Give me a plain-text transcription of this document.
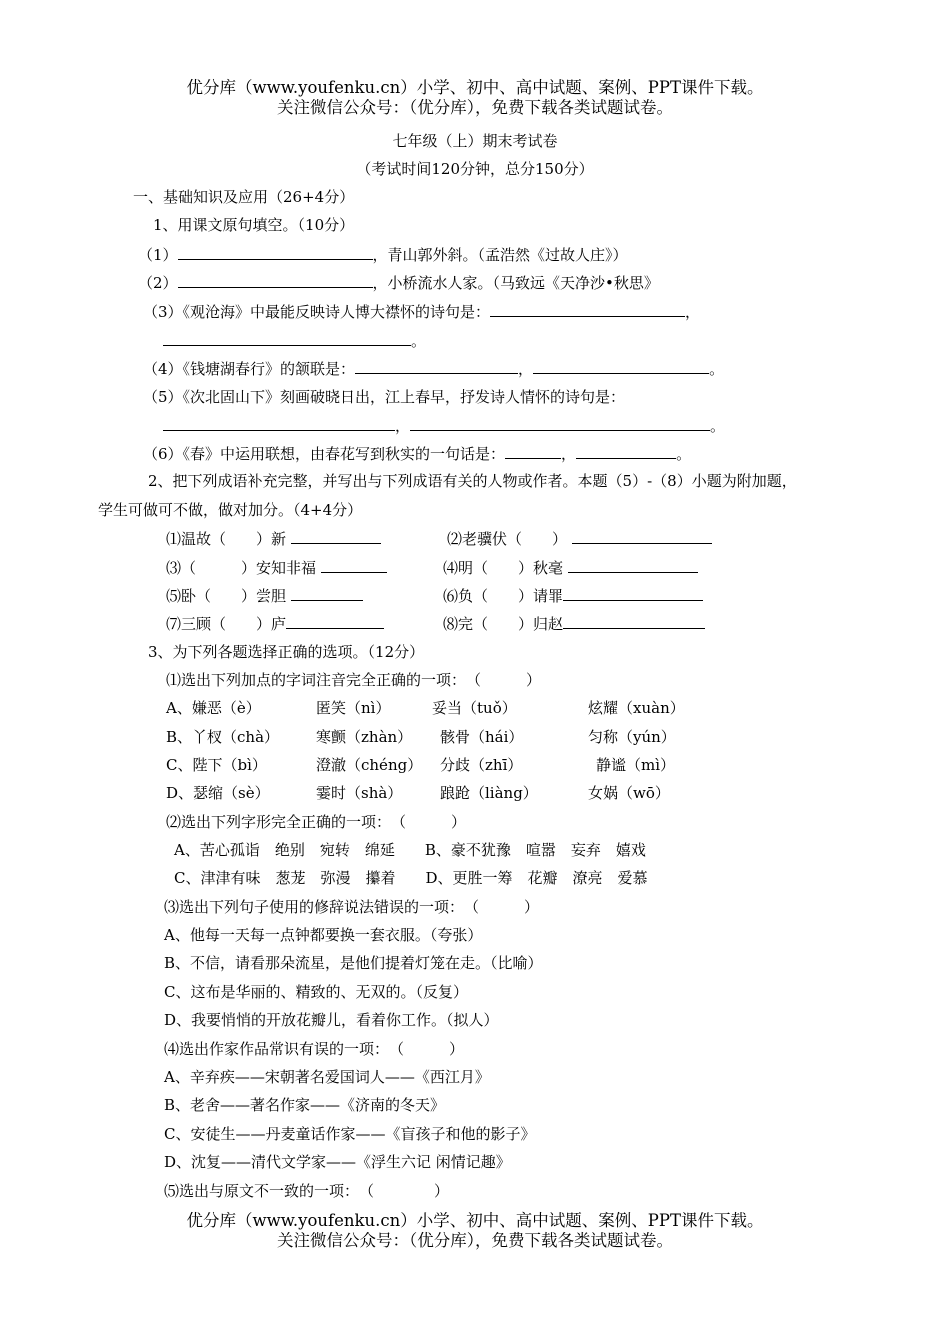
优分库（www.youfenku.cn）小学、初中、高中试题、案例、PPT课件下载。
关注微信公众号：（优分库），免费下载各类试题试卷。
七年级（上）期末考试卷
（考试时间120分钟，总分150分）
一、基础知识及应用（26+4分）
1、用课文原句填空。（10分）
（1）	，青山郭外斜。（孟浩然《过故人庄》）
（2）	，小桥流水人家。（马致远《天净沙•秋思》
（3）《观沧海》中最能反映诗人博大襟怀的诗句是：	，
。
（4）《钱塘湖春行》的颔联是：	，	。
（5）《次北固山下》刻画破晓日出，江上春早，抒发诗人情怀的诗句是：
，	。
（6）《春》中运用联想，由春花写到秋实的一句话是：	，	。
2、把下列成语补充完整，并写出与下列成语有关的人物或作者。本题（5）-（8）小题为附加题，
学生可做可不做，做对加分。（4+4分）
⑴温故（　　）新	⑵老骥伏（　　）
⑶（　　　）安知非福	⑷明（　　）秋毫
⑸卧（　　）尝胆	⑹负（　　）请罪
⑺三顾（　　）庐	⑻完（　　）归赵
3、为下列各题选择正确的选项。（12分）
⑴选出下列加点的字词注音完全正确的一项：　（　　　）
A、嫌恶（è）	匿笑（nì）	妥当（tuǒ）	炫耀（xuàn）
B、丫杈（chà） 寒颤（zhàn） 骸骨（hái）	匀称（yún）
C、陛下（bì）	澄澈（chéng） 分歧（zhī）	静谧（mì）
D、瑟缩（sè）	霎时（shà）	踉跄（liàng）	女娲（wō）
⑵选出下列字形完全正确的一项：　（　　　）
A、苦心孤诣　绝别　宛转　绵延　　B、豪不犹豫　喧嚣　妄弃　嬉戏
C、津津有味　葱茏　弥漫　攥着　　D、更胜一筹　花瓣　潦亮　爱慕
⑶选出下列句子使用的修辞说法错误的一项：　（　　　）
A、他每一天每一点钟都要换一套衣服。（夸张）
B、不信，请看那朵流星，是他们提着灯笼在走。（比喻）
C、这布是华丽的、精致的、无双的。（反复）
D、我要悄悄的开放花瓣儿，看着你工作。（拟人）
⑷选出作家作品常识有误的一项：　（　　　）
A、辛弃疾——宋朝著名爱国词人——《西江月》
B、老舍——著名作家——《济南的冬天》
C、安徒生——丹麦童话作家——《盲孩子和他的影子》
D、沈复——清代文学家——《浮生六记 闲情记趣》
⑸选出与原文不一致的一项：　（　　　　）
优分库（www.youfenku.cn）小学、初中、高中试题、案例、PPT课件下载。
关注微信公众号：（优分库），免费下载各类试题试卷。
